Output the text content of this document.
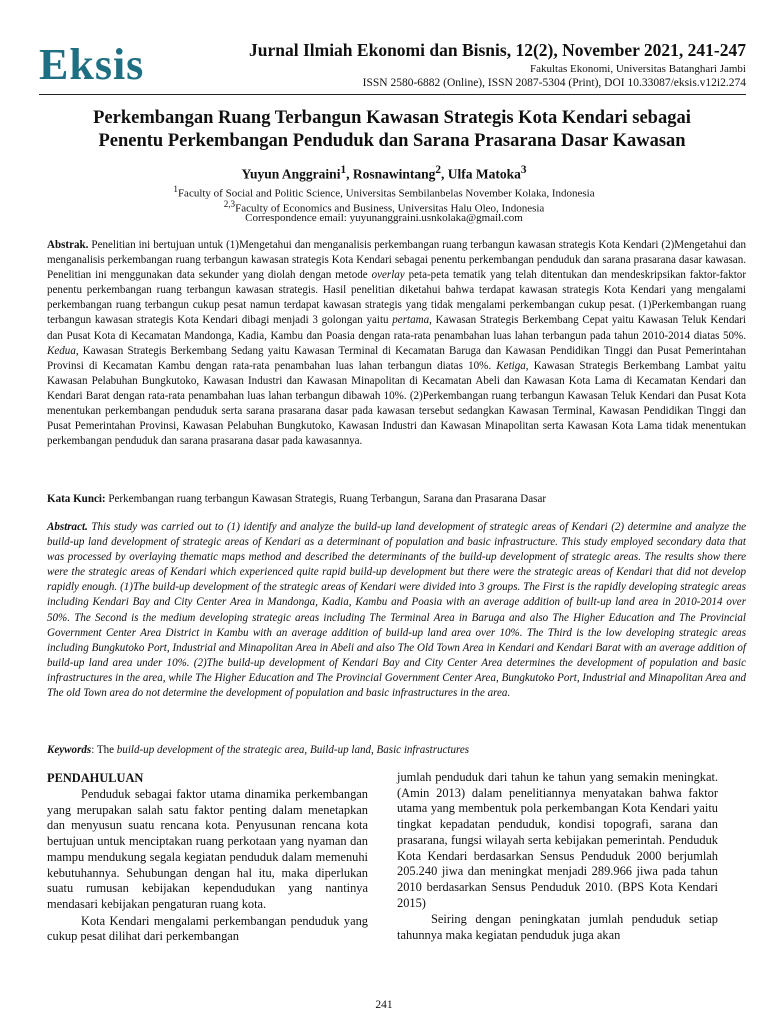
Eksis	Jurnal Ilmiah Ekonomi dan Bisnis, 12(2), November 2021, 241-247
Fakultas Ekonomi, Universitas Batanghari Jambi
ISSN 2580-6882 (Online), ISSN 2087-5304 (Print), DOI 10.33087/eksis.v12i2.274
Perkembangan Ruang Terbangun Kawasan Strategis Kota Kendari sebagai
Penentu Perkembangan Penduduk dan Sarana Prasarana Dasar Kawasan
Yuyun Anggraini$^1$, Rosnawintang$^2$, Ulfa Matoka$^3$
$^1$Faculty of Social and Politic Science, Universitas Sembilanbelas November Kolaka, Indonesia
$^{2,3}$Faculty of Economics and Business, Universitas Halu Oleo, Indonesia
Correspondence email: yuyunanggraini.usnkolaka@gmail.com
Abstrak. Penelitian ini bertujuan untuk (1)Mengetahui dan menganalisis perkembangan ruang terbangun kawasan strategis Kota Kendari (2)Mengetahui dan menganalisis perkembangan ruang terbangun kawasan strategis Kota Kendari sebagai penentu perkembangan penduduk dan sarana prasarana dasar kawasan. Penelitian ini menggunakan data sekunder yang diolah dengan metode overlay peta-peta tematik yang telah ditentukan dan mendeskripsikan faktor-faktor penentu perkembangan ruang terbangun kawasan strategis. Hasil penelitian diketahui bahwa terdapat kawasan strategis Kota Kendari yang mengalami perkembangan ruang terbangun cukup pesat namun terdapat kawasan strategis yang tidak mengalami perkembangan cukup pesat. (1)Perkembangan ruang terbangun kawasan strategis Kota Kendari dibagi menjadi 3 golongan yaitu pertama, Kawasan Strategis Berkembang Cepat yaitu Kawasan Teluk Kendari dan Pusat Kota di Kecamatan Mandonga, Kadia, Kambu dan Poasia dengan rata-rata penambahan luas lahan terbangun pada tahun 2010-2014 diatas 50%. Kedua, Kawasan Strategis Berkembang Sedang yaitu Kawasan Terminal di Kecamatan Baruga dan Kawasan Pendidikan Tinggi dan Pusat Pemerintahan Provinsi di Kecamatan Kambu dengan rata-rata penambahan luas lahan terbangun diatas 10%. Ketiga, Kawasan Strategis Berkembang Lambat yaitu Kawasan Pelabuhan Bungkutoko, Kawasan Industri dan Kawasan Minapolitan di Kecamatan Abeli dan Kawasan Kota Lama di Kecamatan Kendari dan Kendari Barat dengan rata-rata penambahan luas lahan terbangun dibawah 10%. (2)Perkembangan ruang terbangun Kawasan Teluk Kendari dan Pusat Kota menentukan perkembangan penduduk serta sarana prasarana dasar pada kawasan tersebut sedangkan Kawasan Terminal, Kawasan Pendidikan Tinggi dan Pusat Pemerintahan Provinsi, Kawasan Pelabuhan Bungkutoko, Kawasan Industri dan Kawasan Minapolitan serta Kawasan Kota Lama tidak menentukan perkembangan penduduk dan sarana prasarana dasar pada kawasannya.
Kata Kunci: Perkembangan ruang terbangun Kawasan Strategis, Ruang Terbangun, Sarana dan Prasarana Dasar
Abstract. This study was carried out to (1) identify and analyze the build-up land development of strategic areas of Kendari (2) determine and analyze the build-up land development of strategic areas of Kendari as a determinant of population and basic infrastructure. This study employed secondary data that was processed by overlaying thematic maps method and described the determinants of the build-up development of strategic areas. The results show there were the strategic areas of Kendari which experienced quite rapid build-up development but there were the strategic areas of Kendari that did not develop rapidly enough. (1)The build-up development of the strategic areas of Kendari were divided into 3 groups. The First is the rapidly developing strategic areas including Kendari Bay and City Center Area in Mandonga, Kadia, Kambu and Poasia with an average addition of built-up land area in 2010-2014 over 50%. The Second is the medium developing strategic areas including The Terminal Area in Baruga and also The Higher Education and The Provincial Government Center Area District in Kambu with an average addition of build-up land area over 10%. The Third is the low developing strategic areas including Bungkutoko Port, Industrial and Minapolitan Area in Abeli and also The Old Town Area in Kendari and Kendari Barat with an average addition of build-up land area under 10%. (2)The build-up development of Kendari Bay and City Center Area determines the development of population and basic infrastructures in the area, while The Higher Education and The Provincial Government Center Area, Bungkutoko Port, Industrial and Minapolitan Area and The old Town area do not determine the development of population and basic infrastructures in the area.
Keywords: The build-up development of the strategic area, Build-up land, Basic infrastructures
PENDAHULUAN

Penduduk sebagai faktor utama dinamika perkembangan yang merupakan salah satu faktor penting dalam menetapkan dan menyusun suatu rencana kota. Penyusunan rencana kota bertujuan untuk menciptakan ruang perkotaan yang nyaman dan mampu mendukung segala kegiatan penduduk dalam memenuhi kebutuhannya. Sehubungan dengan hal itu, maka diperlukan suatu rumusan kebijakan kependudukan yang nantinya mendasari kebijakan pengaturan ruang kota.

Kota Kendari mengalami perkembangan penduduk yang cukup pesat dilihat dari perkembangan

jumlah penduduk dari tahun ke tahun yang semakin meningkat. (Amin 2013) dalam penelitiannya menyatakan bahwa faktor utama yang membentuk pola perkembangan Kota Kendari yaitu tingkat kepadatan penduduk, kondisi topografi, sarana dan prasarana, fungsi wilayah serta kebijakan pemerintah. Penduduk Kota Kendari berdasarkan Sensus Penduduk 2000 berjumlah 205.240 jiwa dan meningkat menjadi 289.966 jiwa pada tahun 2010 berdasarkan Sensus Penduduk 2010. (BPS Kota Kendari 2015)

Seiring dengan peningkatan jumlah penduduk setiap tahunnya maka kegiatan penduduk juga akan

241
